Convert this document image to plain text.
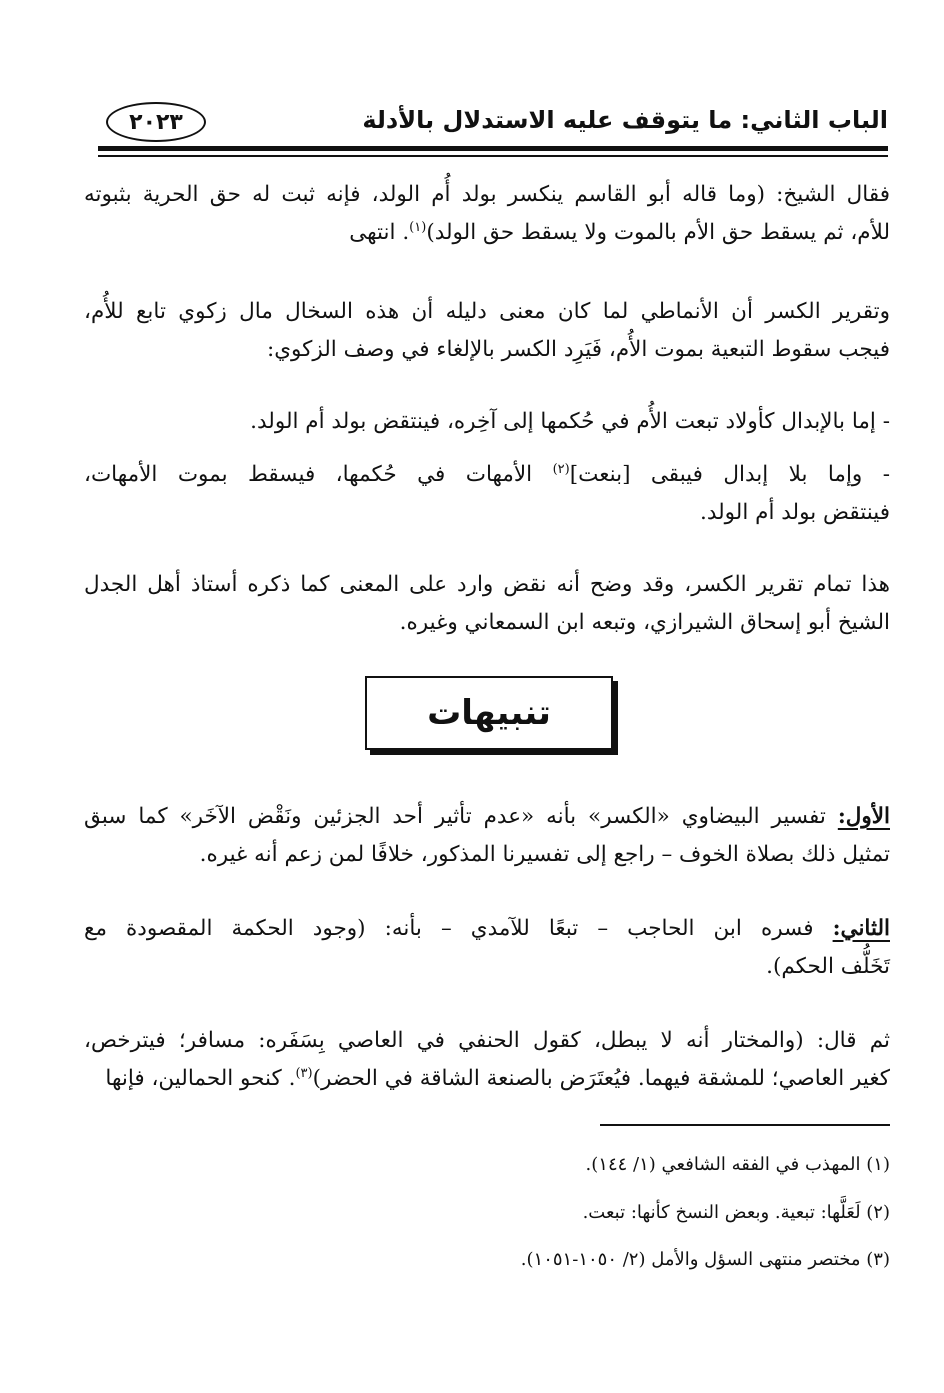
الباب الثاني: ما يتوقف عليه الاستدلال بالأدلة
٢٠٢٣

فقال الشيخ: (وما قاله أبو القاسم ينكسر بولد أُم الولد، فإنه ثبت له حق الحرية بثبوته
للأم، ثم يسقط حق الأم بالموت ولا يسقط حق الولد)$^{(١)}$. انتهى

وتقرير الكسر أن الأنماطي لما كان معنى دليله أن هذه السخال مال زكوي تابع للأُم،
فيجب سقوط التبعية بموت الأُم، فَيَرِد الكسر بالإلغاء في وصف الزكوي:

- إما بالإبدال كأولاد تبعت الأُم في حُكمها إلى آخِره، فينتقض بولد أم الولد.

- وإما بلا إبدال فيبقى [بنعت]$^{(٢)}$ الأمهات في حُكمها، فيسقط بموت الأمهات،
فينتقض بولد أم الولد.

هذا تمام تقرير الكسر، وقد وضح أنه نقض وارد على المعنى كما ذكره أستاذ أهل الجدل
الشيخ أبو إسحاق الشيرازي، وتبعه ابن السمعاني وغيره.

تنبيهات

الأول: تفسير البيضاوي «الكسر» بأنه «عدم تأثير أحد الجزئين ونَقْض الآخَر» كما سبق
تمثيل ذلك بصلاة الخوف – راجع إلى تفسيرنا المذكور، خلافًا لمن زعم أنه غيره.

الثاني: فسره ابن الحاجب – تبعًا للآمدي – بأنه: (وجود الحكمة المقصودة مع
تَخَلُّف الحكم).

ثم قال: (والمختار أنه لا يبطل، كقول الحنفي في العاصي بِسَفَره: مسافر؛ فيترخص،
كغير العاصي؛ للمشقة فيهما. فيُعتَرَض بالصنعة الشاقة في الحضر)$^{(٣)}$. كنحو الحمالين، فإنها

(١) المهذب في الفقه الشافعي (١/ ١٤٤).

(٢) لَعَلَّها: تبعية. وبعض النسخ كأنها: تبعت.

(٣) مختصر منتهى السؤل والأمل (٢/ ١٠٥٠-١٠٥١).
